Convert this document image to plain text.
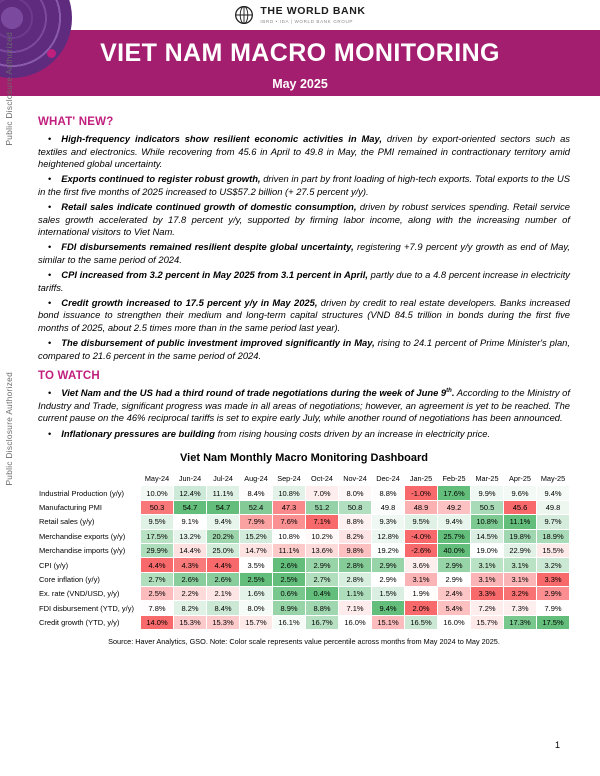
Public Disclosure Authorized
Public Disclosure Authorized
THE WORLD BANK
IBRD • IDA | WORLD BANK GROUP
VIET NAM MACRO MONITORING
May 2025
WHAT' NEW?

• High-frequency indicators show resilient economic activities in May, driven by export-oriented sectors such as textiles and electronics. While recovering from 45.6 in April to 49.8 in May, the PMI remained in contractionary territory amid heightened global uncertainty.

• Exports continued to register robust growth, driven in part by front loading of high-tech exports. Total exports to the US in the first five months of 2025 increased to US$57.2 billion (+ 27.5 percent y/y).

• Retail sales indicate continued growth of domestic consumption, driven by robust services spending. Retail service sales growth accelerated by 17.8 percent y/y, supported by firming labor income, along with the increasing number of international visitors to Viet Nam.

• FDI disbursements remained resilient despite global uncertainty, registering +7.9 percent y/y growth as end of May, similar to the same period of 2024.

• CPI increased from 3.2 percent in May 2025 from 3.1 percent in April, partly due to a 4.8 percent increase in electricity tariffs.

• Credit growth increased to 17.5 percent y/y in May 2025, driven by credit to real estate developers. Banks increased bond issuance to strengthen their medium and long-term capital structures (VND 84.5 trillion in bonds during the first five months of 2025, about 2.5 times more than in the same period last year).

• The disbursement of public investment improved significantly in May, rising to 24.1 percent of Prime Minister's plan, compared to 21.6 percent in the same period of 2024.

TO WATCH

• Viet Nam and the US had a third round of trade negotiations during the week of June 9th. According to the Ministry of Industry and Trade, significant progress was made in all areas of negotiations; however, an agreement is yet to be reached. The current pause on the 46% reciprocal tariffs is set to expire early July, while another round of negotiations has been announced.

• Inflationary pressures are building from rising housing costs driven by an increase in electricity price.

Viet Nam Monthly Macro Monitoring Dashboard
	May-24	Jun-24	Jul-24	Aug-24	Sep-24	Oct-24	Nov-24	Dec-24	Jan-25	Feb-25	Mar-25	Apr-25	May-25
Industrial Production (y/y)	10.0%	12.4%	11.1%	8.4%	10.8%	7.0%	8.0%	8.8%	-1.0%	17.6%	9.9%	9.6%	9.4%
Manufacturing PMI	50.3	54.7	54.7	52.4	47.3	51.2	50.8	49.8	48.9	49.2	50.5	45.6	49.8
Retail sales (y/y)	9.5%	9.1%	9.4%	7.9%	7.6%	7.1%	8.8%	9.3%	9.5%	9.4%	10.8%	11.1%	9.7%
Merchandise exports (y/y)	17.5%	13.2%	20.2%	15.2%	10.8%	10.2%	8.2%	12.8%	-4.0%	25.7%	14.5%	19.8%	18.9%
Merchandise imports (y/y)	29.9%	14.4%	25.0%	14.7%	11.1%	13.6%	9.8%	19.2%	-2.6%	40.0%	19.0%	22.9%	15.5%
CPI (y/y)	4.4%	4.3%	4.4%	3.5%	2.6%	2.9%	2.8%	2.9%	3.6%	2.9%	3.1%	3.1%	3.2%
Core inflation (y/y)	2.7%	2.6%	2.6%	2.5%	2.5%	2.7%	2.8%	2.9%	3.1%	2.9%	3.1%	3.1%	3.3%
Ex. rate (VND/USD, y/y)	2.5%	2.2%	2.1%	1.6%	0.6%	0.4%	1.1%	1.5%	1.9%	2.4%	3.3%	3.2%	2.9%
FDI disbursement (YTD, y/y)	7.8%	8.2%	8.4%	8.0%	8.9%	8.8%	7.1%	9.4%	2.0%	5.4%	7.2%	7.3%	7.9%
Credit growth (YTD, y/y)	14.0%	15.3%	15.3%	15.7%	16.1%	16.7%	16.0%	15.1%	16.5%	16.0%	15.7%	17.3%	17.5%
Source: Haver Analytics, GSO. Note: Color scale represents value percentile across months from May 2024 to May 2025.
1
